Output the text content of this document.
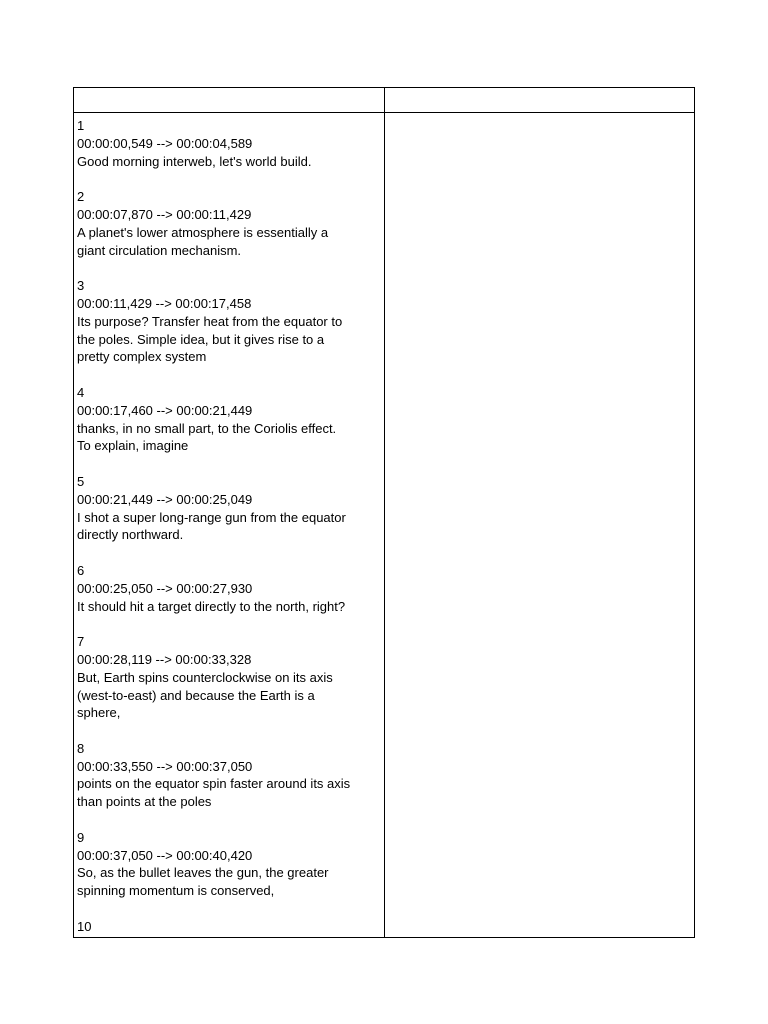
1
00:00:00,549 --> 00:00:04,589
Good morning interweb, let's world build.
2
00:00:07,870 --> 00:00:11,429
A planet's lower atmosphere is essentially a
giant circulation mechanism.
3
00:00:11,429 --> 00:00:17,458
Its purpose? Transfer heat from the equator to
the poles. Simple idea, but it gives rise to a
pretty complex system
4
00:00:17,460 --> 00:00:21,449
thanks, in no small part, to the Coriolis effect.
To explain, imagine
5
00:00:21,449 --> 00:00:25,049
I shot a super long-range gun from the equator
directly northward.
6
00:00:25,050 --> 00:00:27,930
It should hit a target directly to the north, right?
7
00:00:28,119 --> 00:00:33,328
But, Earth spins counterclockwise on its axis
(west-to-east) and because the Earth is a
sphere,
8
00:00:33,550 --> 00:00:37,050
points on the equator spin faster around its axis
than points at the poles
9
00:00:37,050 --> 00:00:40,420
So, as the bullet leaves the gun, the greater
spinning momentum is conserved,
10
